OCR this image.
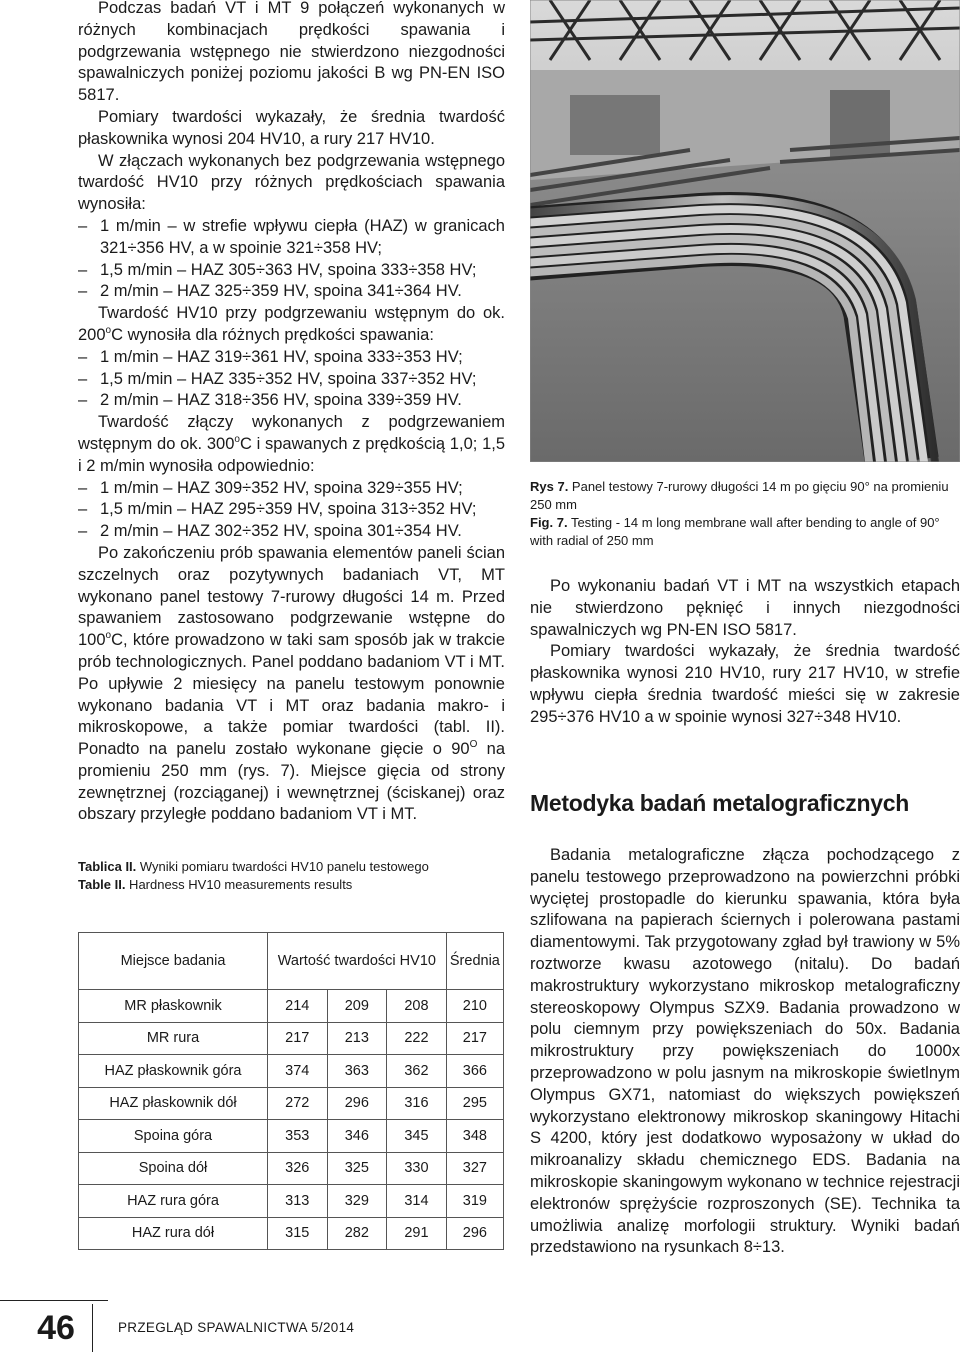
Podczas badań VT i MT 9 połączeń wykonanych w różnych kombinacjach prędkości spawania i podgrzewania wstępnego nie stwierdzono niezgodności spawalniczych poniżej poziomu jakości B wg PN-EN ISO 5817.

Pomiary twardości wykazały, że średnia twardość płaskownika wynosi 204 HV10, a rury 217 HV10.

W złączach wykonanych bez podgrzewania wstępnego twardość HV10 przy różnych prędkościach spawania wynosiła:

– 1 m/min – w strefie wpływu ciepła (HAZ) w granicach 321÷356 HV, a w spoinie 321÷358 HV;
– 1,5 m/min – HAZ 305÷363 HV, spoina 333÷358 HV;
– 2 m/min – HAZ 325÷359 HV, spoina 341÷364 HV.

Twardość HV10 przy podgrzewaniu wstępnym do ok. 200$^o$C wynosiła dla różnych prędkości spawania:

– 1 m/min – HAZ 319÷361 HV, spoina 333÷353 HV;
– 1,5 m/min – HAZ 335÷352 HV, spoina 337÷352 HV;
– 2 m/min – HAZ 318÷356 HV, spoina 339÷359 HV.

Twardość złączy wykonanych z podgrzewaniem wstępnym do ok. 300$^o$C i spawanych z prędkością 1,0; 1,5 i 2 m/min wynosiła odpowiednio:

– 1 m/min – HAZ 309÷352 HV, spoina 329÷355 HV;
– 1,5 m/min – HAZ 295÷359 HV, spoina 313÷352 HV;
– 2 m/min – HAZ 302÷352 HV, spoina 301÷354 HV.

Po zakończeniu prób spawania elementów paneli ścian szczelnych oraz pozytywnych badaniach VT, MT wykonano panel testowy 7-rurowy długości 14 m. Przed spawaniem zastosowano podgrzewanie wstępne do 100$^o$C, które prowadzono w taki sam sposób jak w trakcie prób technologicznych. Panel poddano badaniom VT i MT. Po upływie 2 miesięcy na panelu testowym ponownie wykonano badania VT i MT oraz badania makro- i mikroskopowe, a także pomiar twardości (tabl. II). Ponadto na panelu zostało wykonane gięcie o $90^O$ na promieniu 250 mm (rys. 7). Miejsce gięcia od strony zewnętrznej (rozciąganej) i wewnętrznej (ściskanej) oraz obszary przyległe poddano badaniom VT i MT.

Rys 7. Panel testowy 7-rurowy długości 14 m po gięciu 90° na promieniu 250 mm
Fig. 7. Testing - 14 m long membrane wall after bending to angle of 90° with radial of 250 mm

Po wykonaniu badań VT i MT na wszystkich etapach nie stwierdzono pęknięć i innych niezgodności spawalniczych wg PN-EN ISO 5817.

Pomiary twardości wykazały, że średnia twardość płaskownika wynosi 210 HV10, rury 217 HV10, w strefie wpływu ciepła średnia twardość mieści się w zakresie 295÷376 HV10 a w spoinie wynosi 327÷348 HV10.

Metodyka badań metalograficznych

Badania metalograficzne złącza pochodzącego z panelu testowego przeprowadzono na powierzchni próbki wyciętej prostopadle do kierunku spawania, która była szlifowana na papierach ściernych i polerowana pastami diamentowymi. Tak przygotowany zgład był trawiony w 5% roztworze kwasu azotowego (nitalu). Do badań makrostruktury wykorzystano mikroskop metalograficzny stereoskopowy Olympus SZX9. Badania prowadzono w polu ciemnym przy powiększeniach do 50x. Badania mikrostruktury przy powiększeniach do 1000x przeprowadzono w polu jasnym na mikroskopie świetlnym Olympus GX71, natomiast do większych powiększeń wykorzystano elektronowy mikroskop skaningowy Hitachi S 4200, który jest dodatkowo wyposażony w układ do mikroanalizy składu chemicznego EDS. Badania na mikroskopie skaningowym wykonano w technice rejestracji elektronów sprężyście rozproszonych (SE). Technika ta umożliwia analizę morfologii struktury. Wyniki badań przedstawiono na rysunkach 8÷13.

Tablica II. Wyniki pomiaru twardości HV10 panelu testowego
Table II. Hardness HV10 measurements results
Miejsce badania	Wartość twardości HV10			Średnia
MR płaskownik	214	209	208	210
MR rura	217	213	222	217
HAZ płaskownik góra	374	363	362	366
HAZ płaskownik dół	272	296	316	295
Spoina góra	353	346	345	348
Spoina dół	326	325	330	327
HAZ rura góra	313	329	314	319
HAZ rura dół	315	282	291	296
46	PRZEGLĄD SPAWALNICTWA 5/2014
